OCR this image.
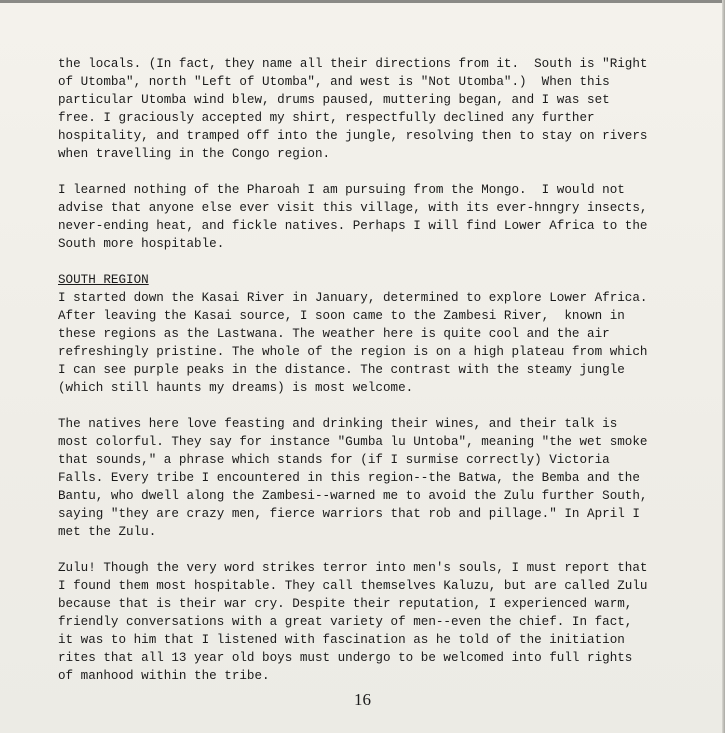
the locals. (In fact, they name all their directions from it.  South is "Right
of Utomba", north "Left of Utomba", and west is "Not Utomba".)  When this
particular Utomba wind blew, drums paused, muttering began, and I was set
free. I graciously accepted my shirt, respectfully declined any further
hospitality, and tramped off into the jungle, resolving then to stay on rivers
when travelling in the Congo region.

I learned nothing of the Pharoah I am pursuing from the Mongo.  I would not
advise that anyone else ever visit this village, with its ever-hnngry insects,
never-ending heat, and fickle natives. Perhaps I will find Lower Africa to the
South more hospitable.

SOUTH REGION
I started down the Kasai River in January, determined to explore Lower Africa.
After leaving the Kasai source, I soon came to the Zambesi River,  known in
these regions as the Lastwana. The weather here is quite cool and the air
refreshingly pristine. The whole of the region is on a high plateau from which
I can see purple peaks in the distance. The contrast with the steamy jungle
(which still haunts my dreams) is most welcome.

The natives here love feasting and drinking their wines, and their talk is
most colorful. They say for instance "Gumba lu Untoba", meaning "the wet smoke
that sounds," a phrase which stands for (if I surmise correctly) Victoria
Falls. Every tribe I encountered in this region--the Batwa, the Bemba and the
Bantu, who dwell along the Zambesi--warned me to avoid the Zulu further South,
saying "they are crazy men, fierce warriors that rob and pillage." In April I
met the Zulu.

Zulu! Though the very word strikes terror into men's souls, I must report that
I found them most hospitable. They call themselves Kaluzu, but are called Zulu
because that is their war cry. Despite their reputation, I experienced warm,
friendly conversations with a great variety of men--even the chief. In fact,
it was to him that I listened with fascination as he told of the initiation
rites that all 13 year old boys must undergo to be welcomed into full rights
of manhood within the tribe.

16
